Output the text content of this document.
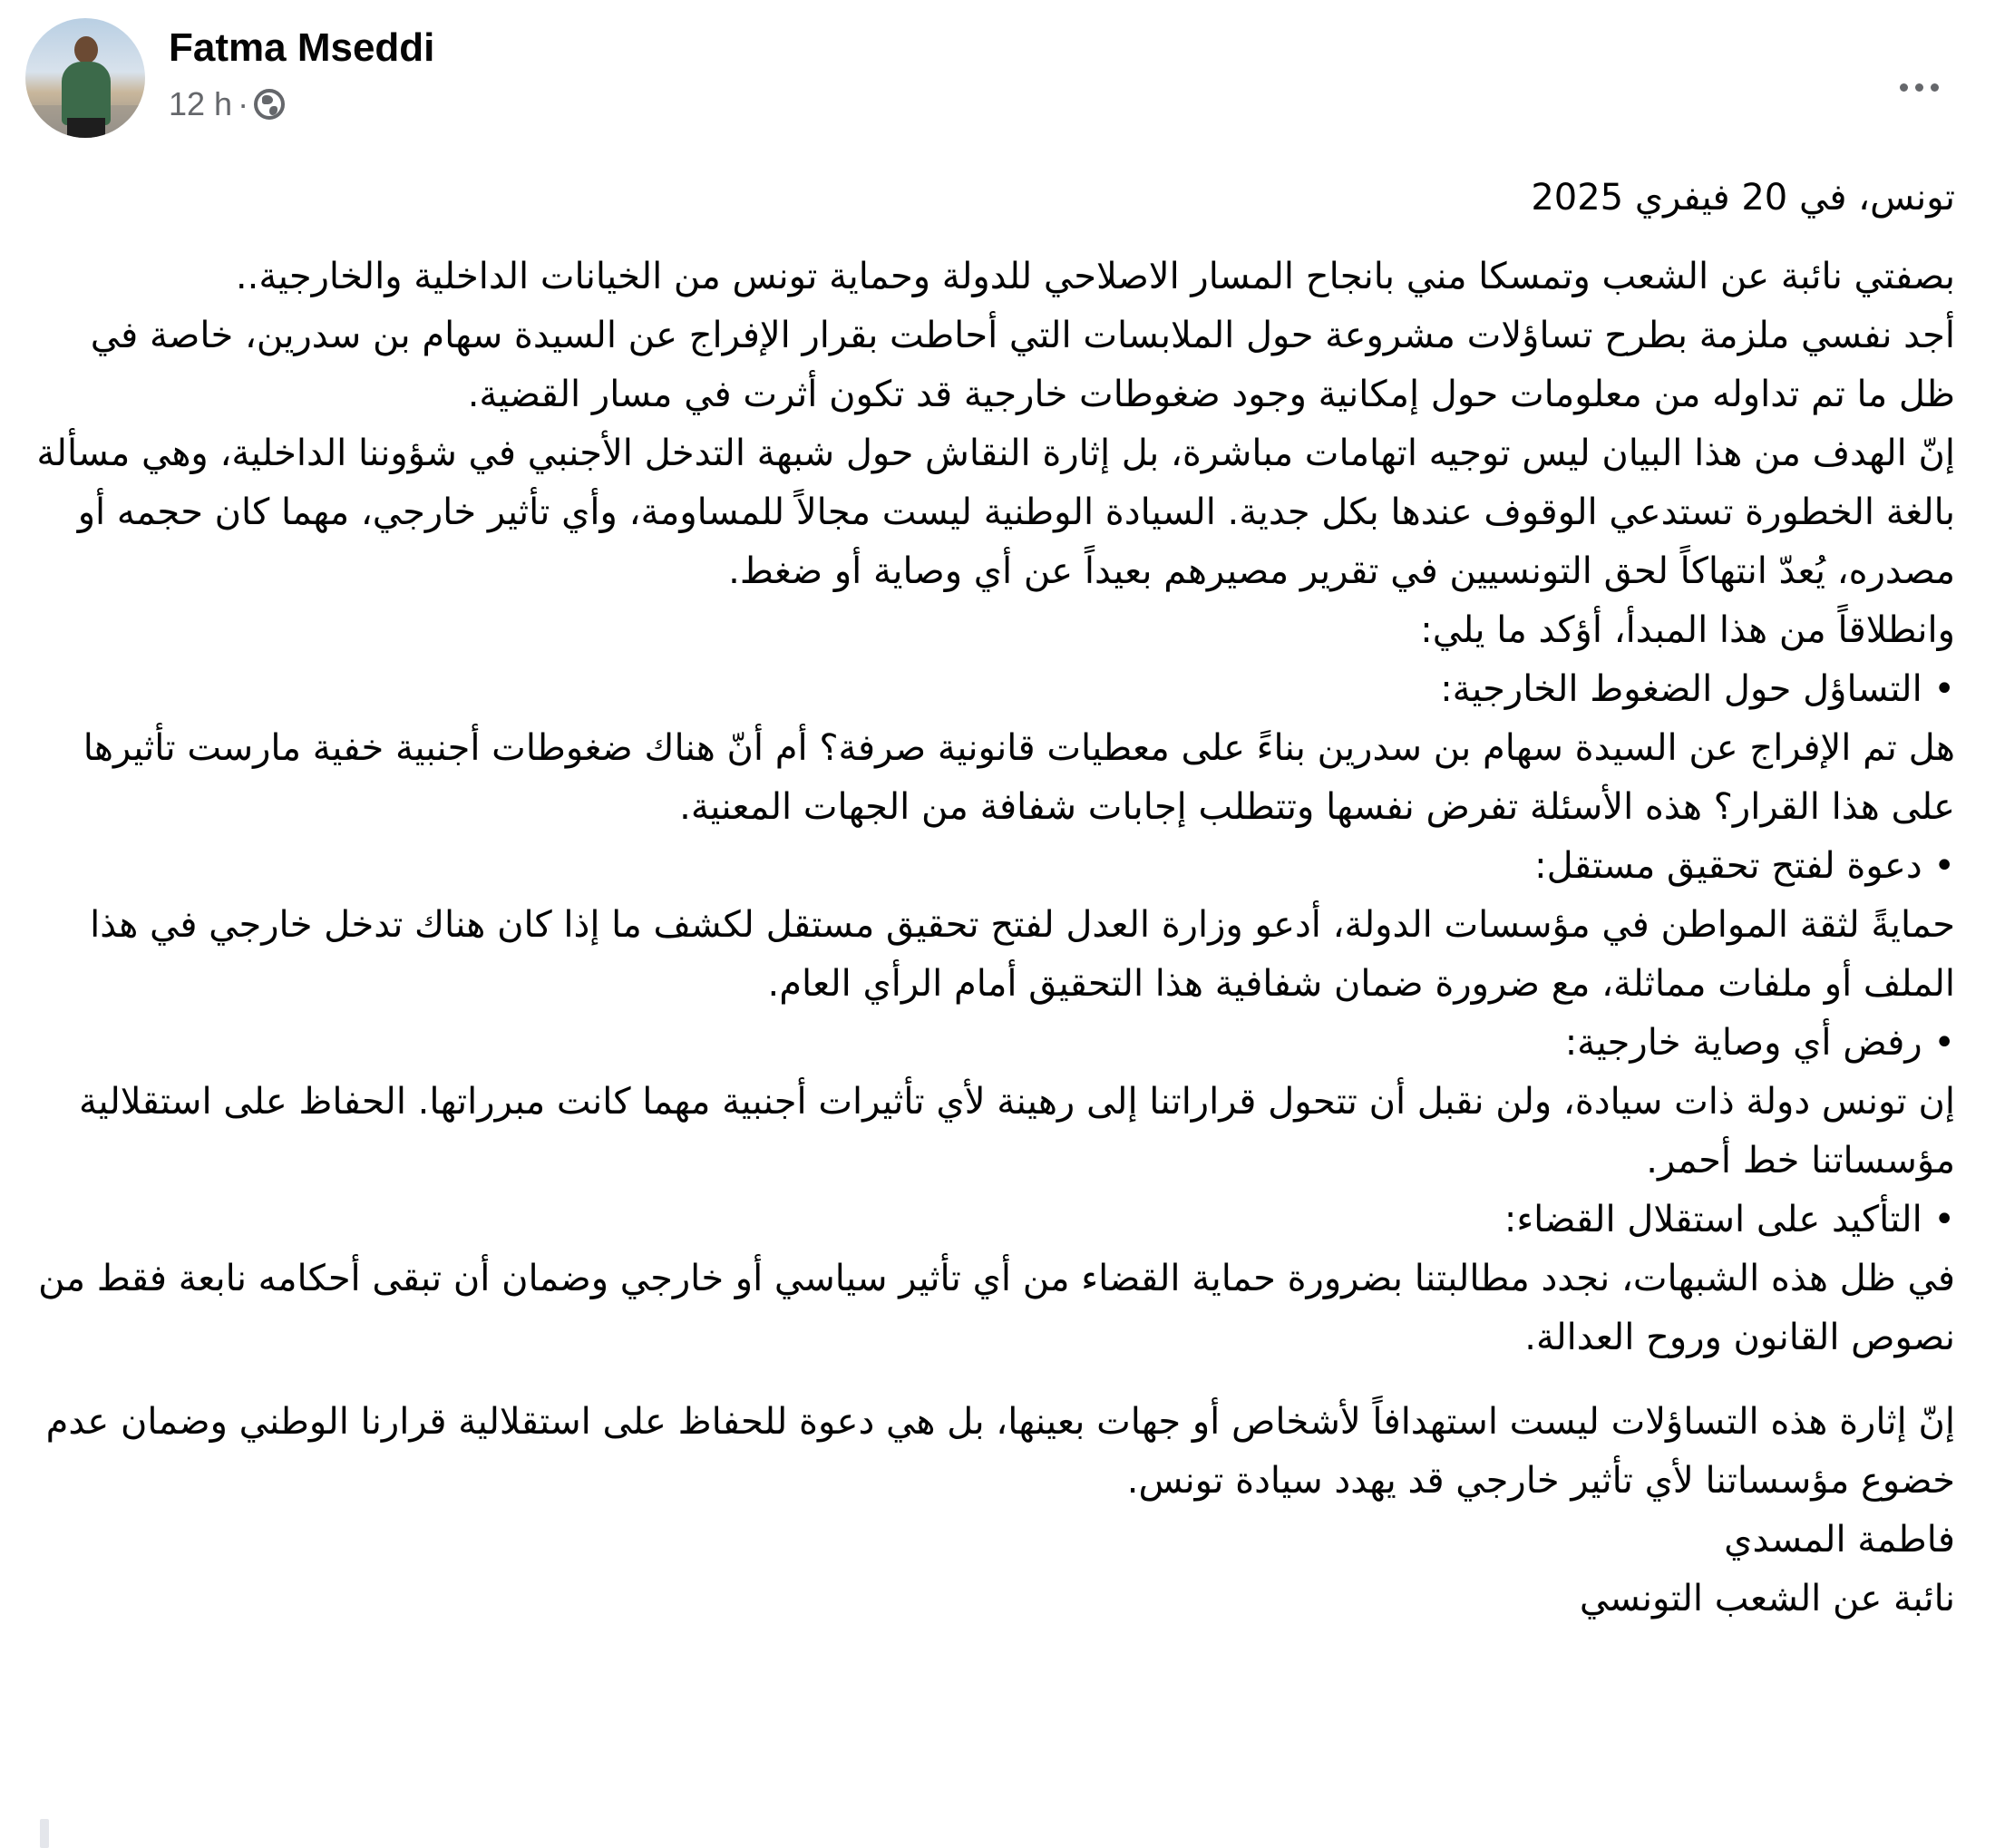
Fatma Mseddi
12 h ·

تونس، في 20 فيفري 2025

بصفتي نائبة عن الشعب وتمسكا مني بانجاح المسار الاصلاحي للدولة وحماية تونس من الخيانات الداخلية والخارجية..

أجد نفسي ملزمة بطرح تساؤلات مشروعة حول الملابسات التي أحاطت بقرار الإفراج عن السيدة سهام بن سدرين، خاصة في ظل ما تم تداوله من معلومات حول إمكانية وجود ضغوطات خارجية قد تكون أثرت في مسار القضية.

إنّ الهدف من هذا البيان ليس توجيه اتهامات مباشرة، بل إثارة النقاش حول شبهة التدخل الأجنبي في شؤوننا الداخلية، وهي مسألة بالغة الخطورة تستدعي الوقوف عندها بكل جدية. السيادة الوطنية ليست مجالاً للمساومة، وأي تأثير خارجي، مهما كان حجمه أو مصدره، يُعدّ انتهاكاً لحق التونسيين في تقرير مصيرهم بعيداً عن أي وصاية أو ضغط.

وانطلاقاً من هذا المبدأ، أؤكد ما يلي:

• التساؤل حول الضغوط الخارجية:

هل تم الإفراج عن السيدة سهام بن سدرين بناءً على معطيات قانونية صرفة؟ أم أنّ هناك ضغوطات أجنبية خفية مارست تأثيرها على هذا القرار؟ هذه الأسئلة تفرض نفسها وتتطلب إجابات شفافة من الجهات المعنية.

• دعوة لفتح تحقيق مستقل:

حمايةً لثقة المواطن في مؤسسات الدولة، أدعو وزارة العدل لفتح تحقيق مستقل لكشف ما إذا كان هناك تدخل خارجي في هذا الملف أو ملفات مماثلة، مع ضرورة ضمان شفافية هذا التحقيق أمام الرأي العام.

• رفض أي وصاية خارجية:

إن تونس دولة ذات سيادة، ولن نقبل أن تتحول قراراتنا إلى رهينة لأي تأثيرات أجنبية مهما كانت مبرراتها. الحفاظ على استقلالية مؤسساتنا خط أحمر.

• التأكيد على استقلال القضاء:

في ظل هذه الشبهات، نجدد مطالبتنا بضرورة حماية القضاء من أي تأثير سياسي أو خارجي وضمان أن تبقى أحكامه نابعة فقط من نصوص القانون وروح العدالة.

إنّ إثارة هذه التساؤلات ليست استهدافاً لأشخاص أو جهات بعينها، بل هي دعوة للحفاظ على استقلالية قرارنا الوطني وضمان عدم خضوع مؤسساتنا لأي تأثير خارجي قد يهدد سيادة تونس.

فاطمة المسدي

نائبة عن الشعب التونسي
